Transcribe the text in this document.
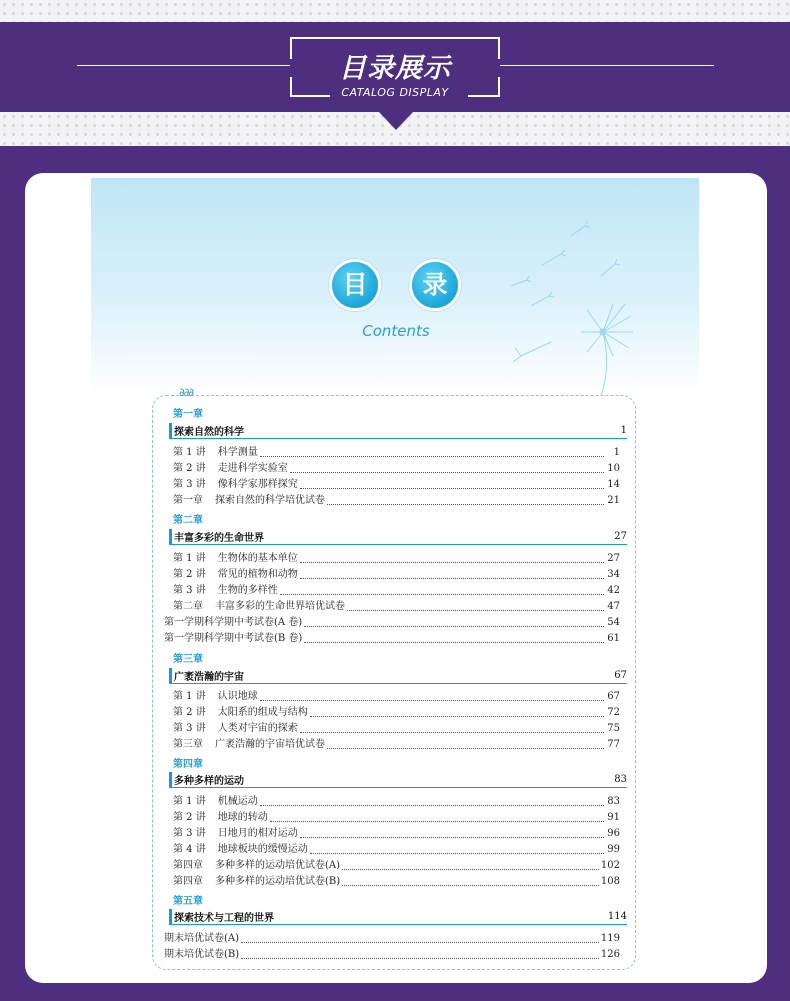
目录展示
CATALOG DISPLAY
目	录
Contents
∂∂∂
第一章
探索自然的科学	1
第 1 讲 科学测量	1
第 2 讲 走进科学实验室	10
第 3 讲 像科学家那样探究	14
第一章 探索自然的科学培优试卷	21
第二章
丰富多彩的生命世界	27
第 1 讲 生物体的基本单位	27
第 2 讲 常见的植物和动物	34
第 3 讲 生物的多样性	42
第二章 丰富多彩的生命世界培优试卷	47
第一学期科学期中考试卷(A 卷)	54
第一学期科学期中考试卷(B 卷)	61
第三章
广袤浩瀚的宇宙	67
第 1 讲 认识地球	67
第 2 讲 太阳系的组成与结构	72
第 3 讲 人类对宇宙的探索	75
第三章 广袤浩瀚的宇宙培优试卷	77
第四章
多种多样的运动	83
第 1 讲 机械运动	83
第 2 讲 地球的转动	91
第 3 讲 日地月的相对运动	96
第 4 讲 地球板块的缓慢运动	99
第四章 多种多样的运动培优试卷(A)	102
第四章 多种多样的运动培优试卷(B)	108
第五章
探索技术与工程的世界	114
期末培优试卷(A)	119
期末培优试卷(B)	126
